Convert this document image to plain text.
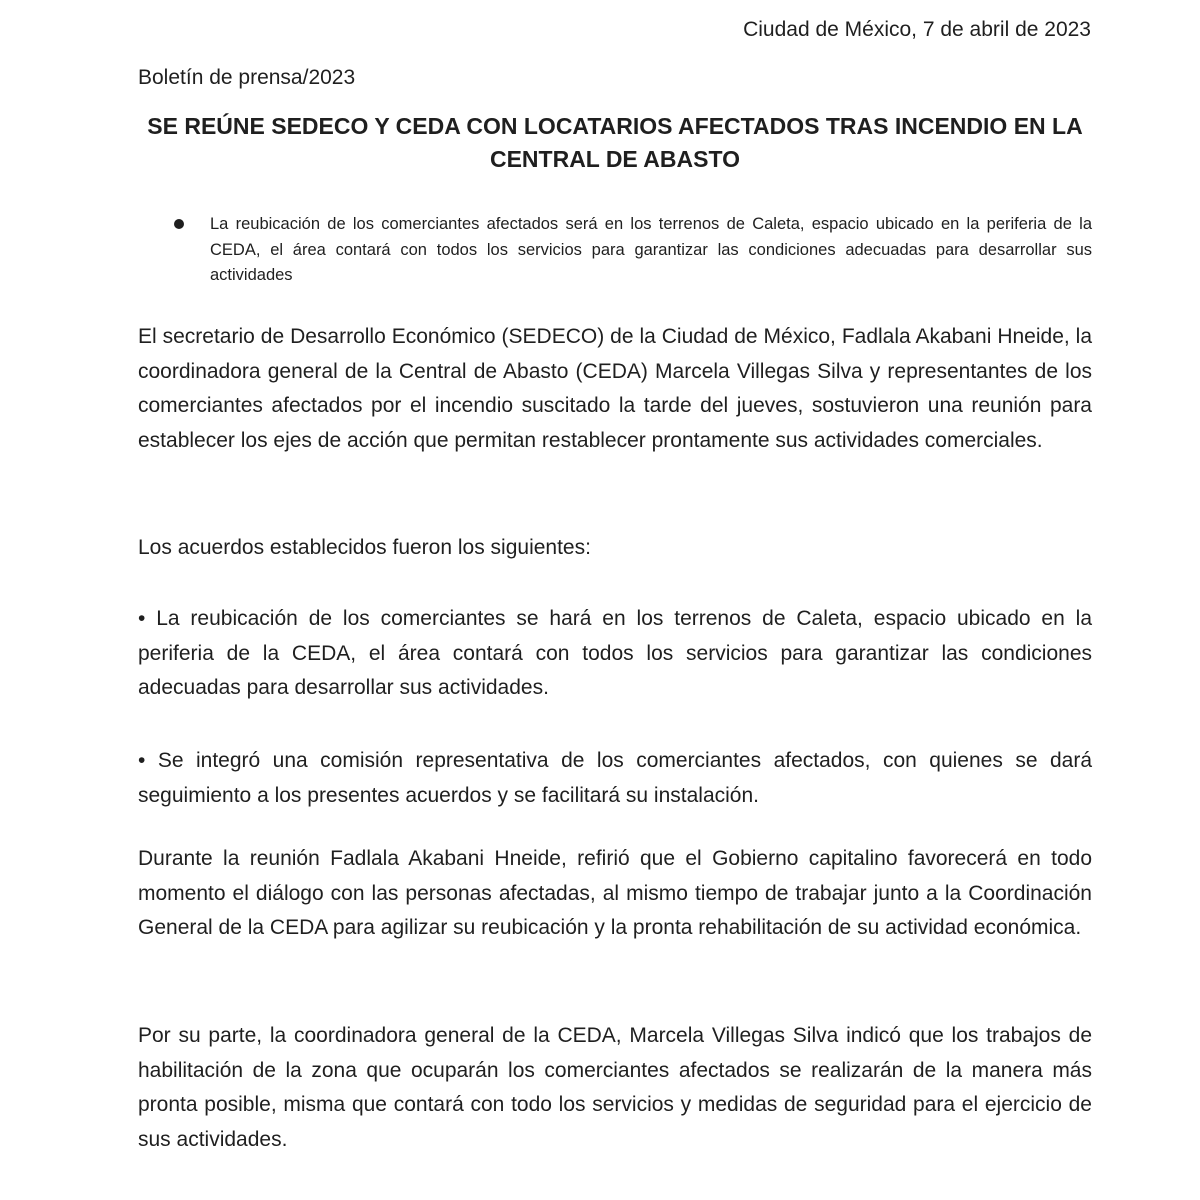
Ciudad de México, 7 de abril de 2023
Boletín de prensa/2023
SE REÚNE SEDECO Y CEDA CON LOCATARIOS AFECTADOS TRAS INCENDIO EN LA CENTRAL DE ABASTO

La reubicación de los comerciantes afectados será en los terrenos de Caleta, espacio ubicado en la periferia de la CEDA, el área contará con todos los servicios para garantizar las condiciones adecuadas para desarrollar sus actividades

El secretario de Desarrollo Económico (SEDECO) de la Ciudad de México, Fadlala Akabani Hneide, la coordinadora general de la Central de Abasto (CEDA) Marcela Villegas Silva y representantes de los comerciantes afectados por el incendio suscitado la tarde del jueves, sostuvieron una reunión para establecer los ejes de acción que permitan restablecer prontamente sus actividades comerciales.

Los acuerdos establecidos fueron los siguientes:

• La reubicación de los comerciantes se hará en los terrenos de Caleta, espacio ubicado en la periferia de la CEDA, el área contará con todos los servicios para garantizar las condiciones adecuadas para desarrollar sus actividades.

• Se integró una comisión representativa de los comerciantes afectados, con quienes se dará seguimiento a los presentes acuerdos y se facilitará su instalación.

Durante la reunión Fadlala Akabani Hneide, refirió que el Gobierno capitalino favorecerá en todo momento el diálogo con las personas afectadas, al mismo tiempo de trabajar junto a la Coordinación General de la CEDA para agilizar su reubicación y la pronta rehabilitación de su actividad económica.

Por su parte, la coordinadora general de la CEDA, Marcela Villegas Silva indicó que los trabajos de habilitación de la zona que ocuparán los comerciantes afectados se realizarán de la manera más pronta posible, misma que contará con todo los servicios y medidas de seguridad para el ejercicio de sus actividades.
